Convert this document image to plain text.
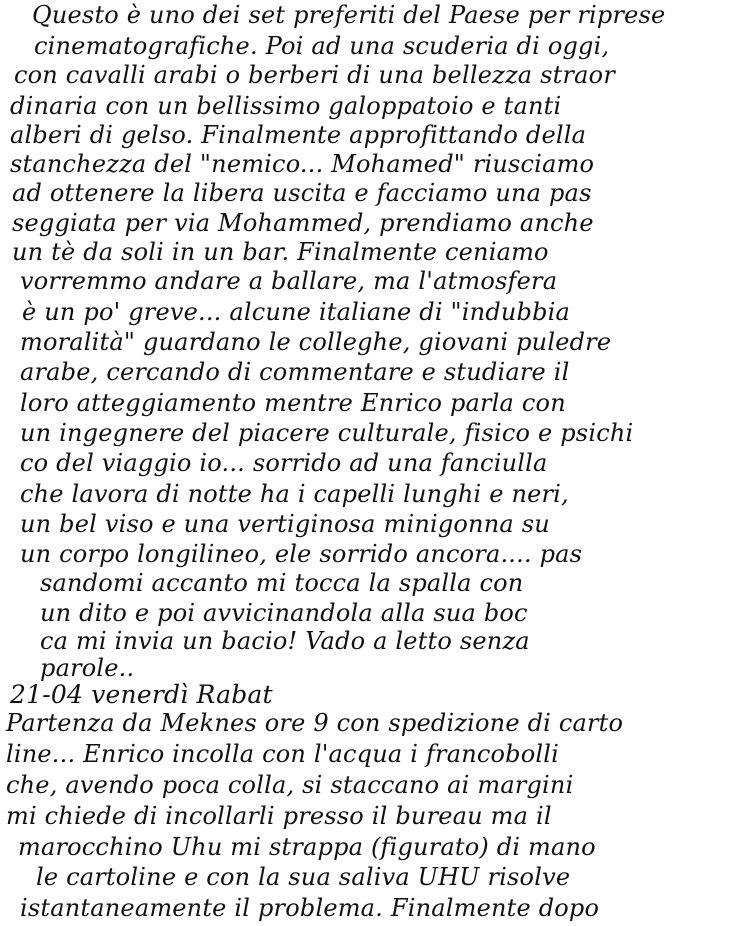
Questo è uno dei set preferiti del Paese per riprese
cinematografiche. Poi ad una scuderia di oggi,
con cavalli arabi o berberi di una bellezza straor
dinaria con un bellissimo galoppatoio e tanti
alberi di gelso. Finalmente approfittando della
stanchezza del "nemico... Mohamed" riusciamo
ad ottenere la libera uscita e facciamo una pas
seggiata per via Mohammed, prendiamo anche
un tè da soli in un bar. Finalmente ceniamo
vorremmo andare a ballare, ma l'atmosfera
è un po' greve... alcune italiane di "indubbia
moralità" guardano le colleghe, giovani puledre
arabe, cercando di commentare e studiare il
loro atteggiamento mentre Enrico parla con
un ingegnere del piacere culturale, fisico e psichi
co del viaggio io... sorrido ad una fanciulla
che lavora di notte ha i capelli lunghi e neri,
un bel viso e una vertiginosa minigonna su
un corpo longilineo, ele sorrido ancora.... pas
sandomi accanto mi tocca la spalla con
un dito e poi avvicinandola alla sua boc
ca mi invia un bacio! Vado a letto senza
parole..
21-04 venerdì Rabat
Partenza da Meknes ore 9 con spedizione di carto
line... Enrico incolla con l'acqua i francobolli
che, avendo poca colla, si staccano ai margini
mi chiede di incollarli presso il bureau ma il
marocchino Uhu mi strappa (figurato) di mano
le cartoline e con la sua saliva UHU risolve
istantaneamente il problema. Finalmente dopo
